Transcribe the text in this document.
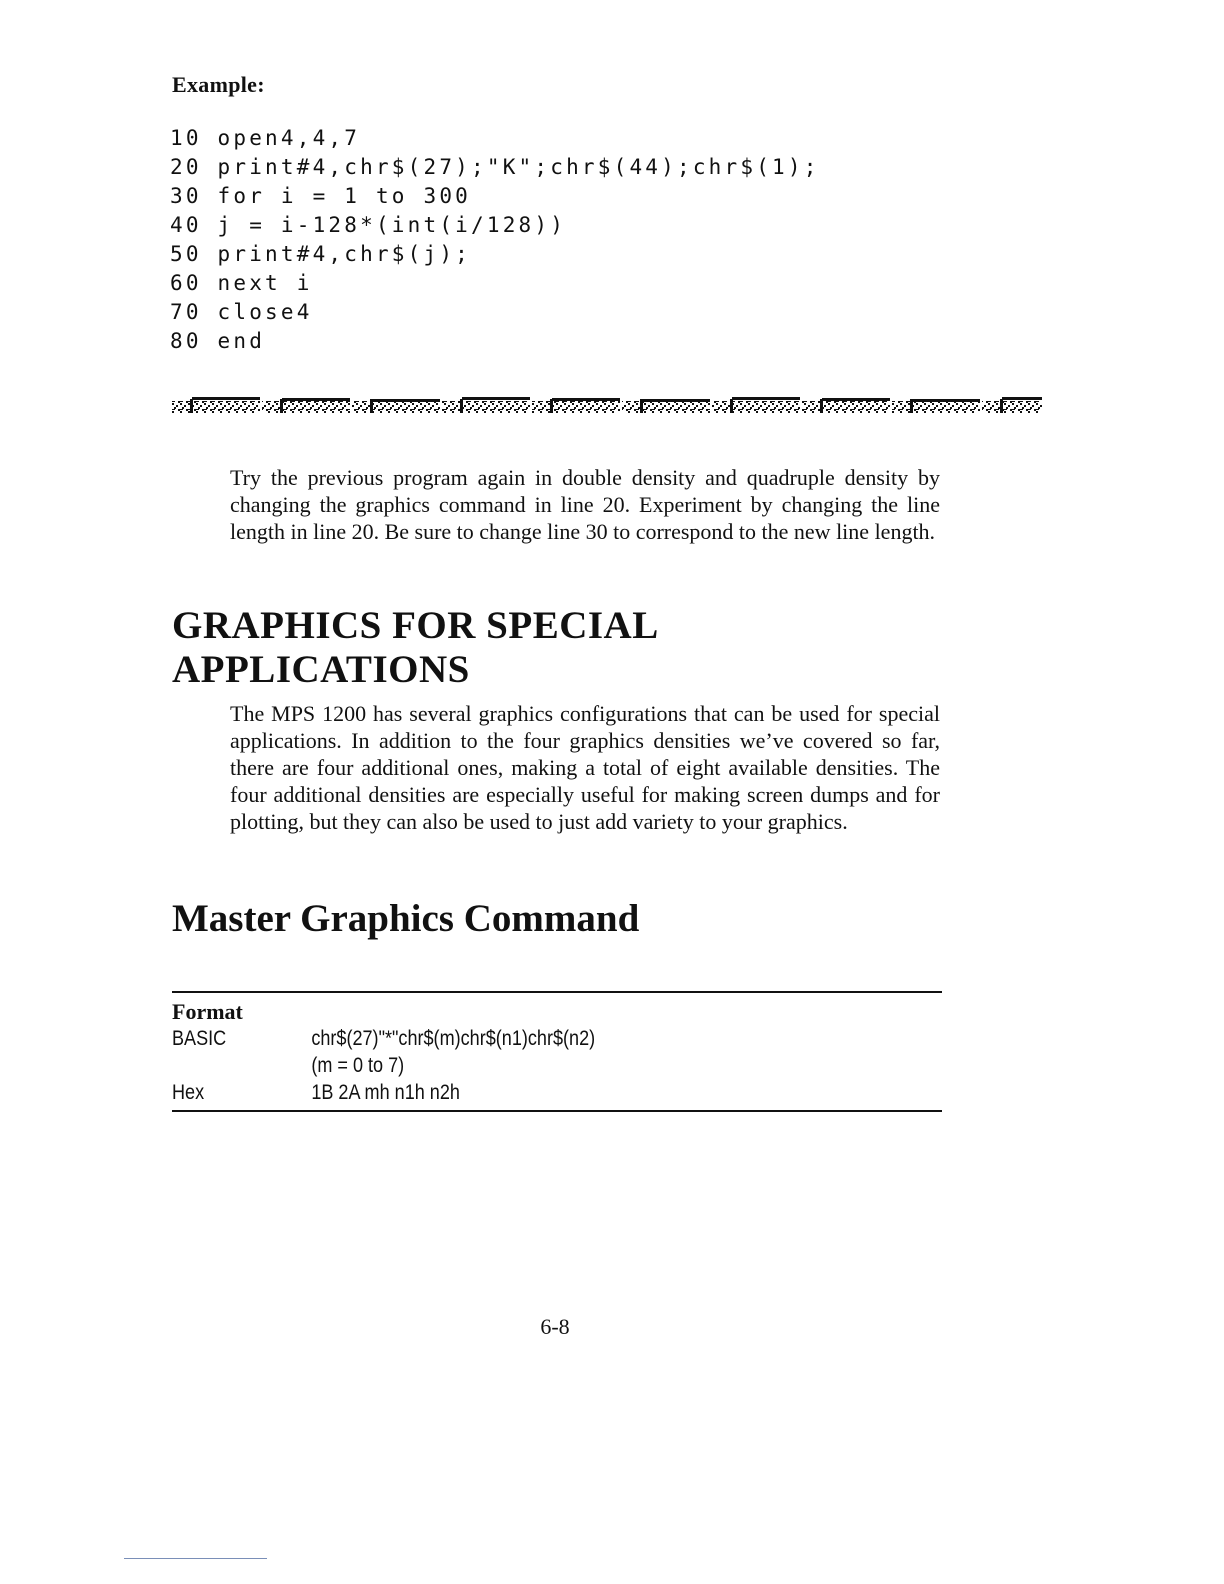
Example:
10 open4,4,7
20 print#4,chr$(27);"K";chr$(44);chr$(1);
30 for i = 1 to 300
40 j = i-128*(int(i/128))
50 print#4,chr$(j);
60 next i
70 close4
80 end

Try the previous program again in double density and quadruple density by changing the graphics command in line 20. Experiment by changing the line length in line 20. Be sure to change line 30 to correspond to the new line length.

GRAPHICS FOR SPECIAL
APPLICATIONS

The MPS 1200 has several graphics configurations that can be used for special applications. In addition to the four graphics densities we’ve covered so far, there are four additional ones, making a total of eight available densities. The four additional densities are especially useful for making screen dumps and for plotting, but they can also be used to just add variety to your graphics.

Master Graphics Command
Format
BASIC	chr$(27)"*"chr$(m)chr$(n1)chr$(n2)
(m = 0 to 7)
Hex	1B 2A mh n1h n2h
6-8
